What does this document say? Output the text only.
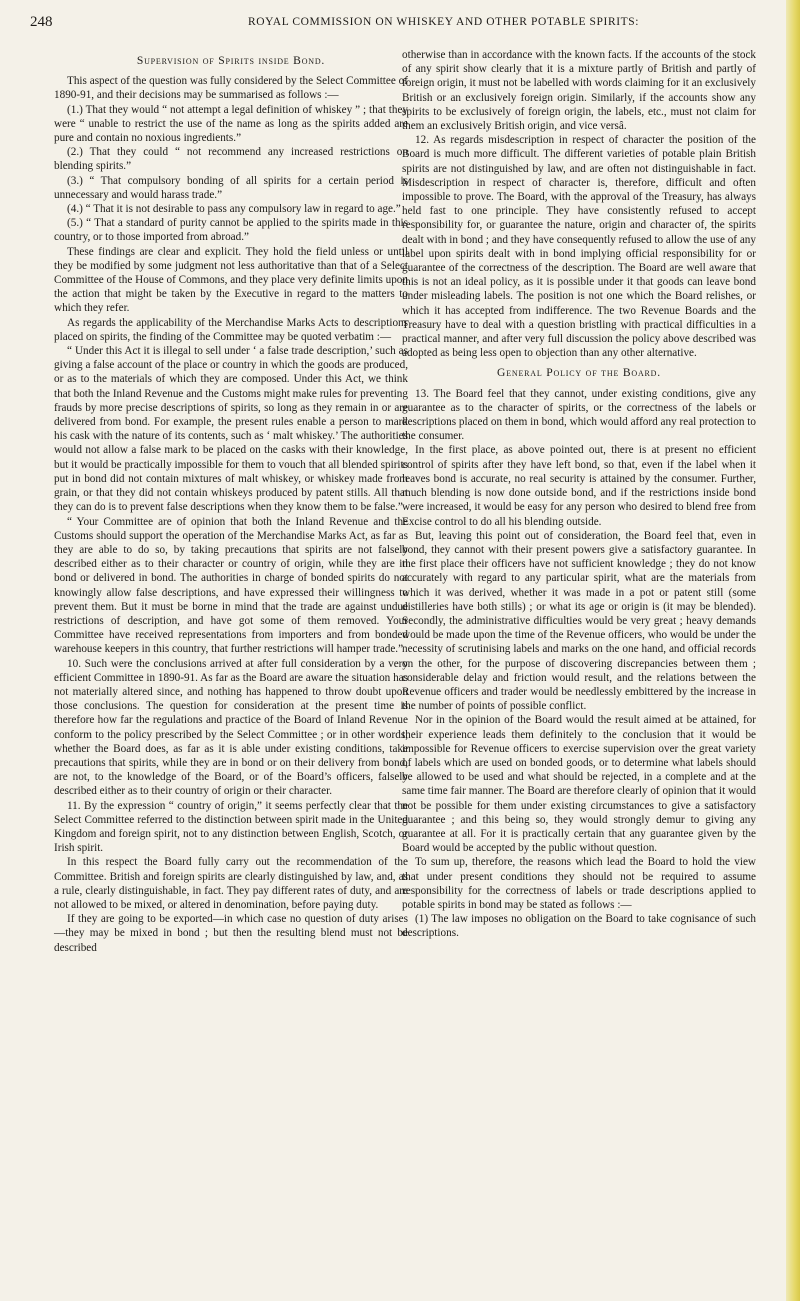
248	ROYAL COMMISSION ON WHISKEY AND OTHER POTABLE SPIRITS:
Supervision of Spirits inside Bond.

This aspect of the question was fully considered by the Select Committee of 1890-91, and their decisions may be summarised as follows :—

(1.) That they would “ not attempt a legal definition of whiskey ” ; that they were “ unable to restrict the use of the name as long as the spirits added are pure and contain no noxious ingredients.”

(2.) That they could “ not recommend any increased restrictions on blending spirits.”

(3.) “ That compulsory bonding of all spirits for a certain period is unnecessary and would harass trade.”

(4.) “ That it is not desirable to pass any compulsory law in regard to age.”

(5.) “ That a standard of purity cannot be applied to the spirits made in this country, or to those imported from abroad.”

These findings are clear and explicit. They hold the field unless or until they be modified by some judgment not less authoritative than that of a Select Committee of the House of Commons, and they place very definite limits upon the action that might be taken by the Executive in regard to the matters to which they refer.

As regards the applicability of the Merchandise Marks Acts to descriptions placed on spirits, the finding of the Committee may be quoted verbatim :—

“ Under this Act it is illegal to sell under ‘ a false trade description,’ such as giving a false account of the place or country in which the goods are produced, or as to the materials of which they are composed. Under this Act, we think that both the Inland Revenue and the Customs might make rules for preventing frauds by more precise descriptions of spirits, so long as they remain in or are delivered from bond. For example, the present rules enable a person to mark his cask with the nature of its contents, such as ‘ malt whiskey.’ The authorities would not allow a false mark to be placed on the casks with their knowledge, but it would be practically impossible for them to vouch that all blended spirits put in bond did not contain mixtures of malt whiskey, or whiskey made from grain, or that they did not contain whiskeys produced by patent stills. All that they can do is to prevent false descriptions when they know them to be false.”

“ Your Committee are of opinion that both the Inland Revenue and the Customs should support the operation of the Merchandise Marks Act, as far as they are able to do so, by taking precautions that spirits are not falsely described either as to their character or country of origin, while they are in bond or delivered in bond. The authorities in charge of bonded spirits do not knowingly allow false descriptions, and have expressed their willingness to prevent them. But it must be borne in mind that the trade are against undue restrictions of description, and have got some of them removed. Your Committee have received representations from importers and from bonded warehouse keepers in this country, that further restrictions will hamper trade.”

10. Such were the conclusions arrived at after full consideration by a very efficient Committee in 1890-91. As far as the Board are aware the situation has not materially altered since, and nothing has happened to throw doubt upon those conclusions. The question for consideration at the present time is therefore how far the regulations and practice of the Board of Inland Revenue conform to the policy prescribed by the Select Committee ; or in other words, whether the Board does, as far as it is able under existing conditions, take precautions that spirits, while they are in bond or on their delivery from bond, are not, to the knowledge of the Board, or of the Board’s officers, falsely described either as to their country of origin or their character.

11. By the expression “ country of origin,” it seems perfectly clear that the Select Committee referred to the distinction between spirit made in the United Kingdom and foreign spirit, not to any distinction between English, Scotch, or Irish spirit.

In this respect the Board fully carry out the recommendation of the Committee. British and foreign spirits are clearly distinguished by law, and, as a rule, clearly distinguishable, in fact. They pay different rates of duty, and are not allowed to be mixed, or altered in denomination, before paying duty.

If they are going to be exported—in which case no question of duty arises—they may be mixed in bond ; but then the resulting blend must not be described

otherwise than in accordance with the known facts. If the accounts of the stock of any spirit show clearly that it is a mixture partly of British and partly of foreign origin, it must not be labelled with words claiming for it an exclusively British or an exclusively foreign origin. Similarly, if the accounts show any spirits to be exclusively of foreign origin, the labels, etc., must not claim for them an exclusively British origin, and vice versâ.

12. As regards misdescription in respect of character the position of the Board is much more difficult. The different varieties of potable plain British spirits are not distinguished by law, and are often not distinguishable in fact. Misdescription in respect of character is, therefore, difficult and often impossible to prove. The Board, with the approval of the Treasury, has always held fast to one principle. They have consistently refused to accept responsibility for, or guarantee the nature, origin and character of, the spirits dealt with in bond ; and they have consequently refused to allow the use of any label upon spirits dealt with in bond implying official responsibility for or guarantee of the correctness of the description. The Board are well aware that this is not an ideal policy, as it is possible under it that goods can leave bond under misleading labels. The position is not one which the Board relishes, or which it has accepted from indifference. The two Revenue Boards and the Treasury have to deal with a question bristling with practical difficulties in a practical manner, and after very full discussion the policy above described was adopted as being less open to objection than any other alternative.

General Policy of the Board.

13. The Board feel that they cannot, under existing conditions, give any guarantee as to the character of spirits, or the correctness of the labels or descriptions placed on them in bond, which would afford any real protection to the consumer.

In the first place, as above pointed out, there is at present no efficient control of spirits after they have left bond, so that, even if the label when it leaves bond is accurate, no real security is attained by the consumer. Further, much blending is now done outside bond, and if the restrictions inside bond were increased, it would be easy for any person who desired to blend free from Excise control to do all his blending outside.

But, leaving this point out of consideration, the Board feel that, even in bond, they cannot with their present powers give a satisfactory guarantee. In the first place their officers have not sufficient knowledge ; they do not know accurately with regard to any particular spirit, what are the materials from which it was derived, whether it was made in a pot or patent still (some distilleries have both stills) ; or what its age or origin is (it may be blended). Secondly, the administrative difficulties would be very great ; heavy demands would be made upon the time of the Revenue officers, who would be under the necessity of scrutinising labels and marks on the one hand, and official records on the other, for the purpose of discovering discrepancies between them ; considerable delay and friction would result, and the relations between the Revenue officers and trader would be needlessly embittered by the increase in the number of points of possible conflict.

Nor in the opinion of the Board would the result aimed at be attained, for their experience leads them definitely to the conclusion that it would be impossible for Revenue officers to exercise supervision over the great variety of labels which are used on bonded goods, or to determine what labels should be allowed to be used and what should be rejected, in a complete and at the same time fair manner. The Board are therefore clearly of opinion that it would not be possible for them under existing circumstances to give a satisfactory guarantee ; and this being so, they would strongly demur to giving any guarantee at all. For it is practically certain that any guarantee given by the Board would be accepted by the public without question.

To sum up, therefore, the reasons which lead the Board to hold the view that under present conditions they should not be required to assume responsibility for the correctness of labels or trade descriptions applied to potable spirits in bond may be stated as follows :—

(1) The law imposes no obligation on the Board to take cognisance of such descriptions.
